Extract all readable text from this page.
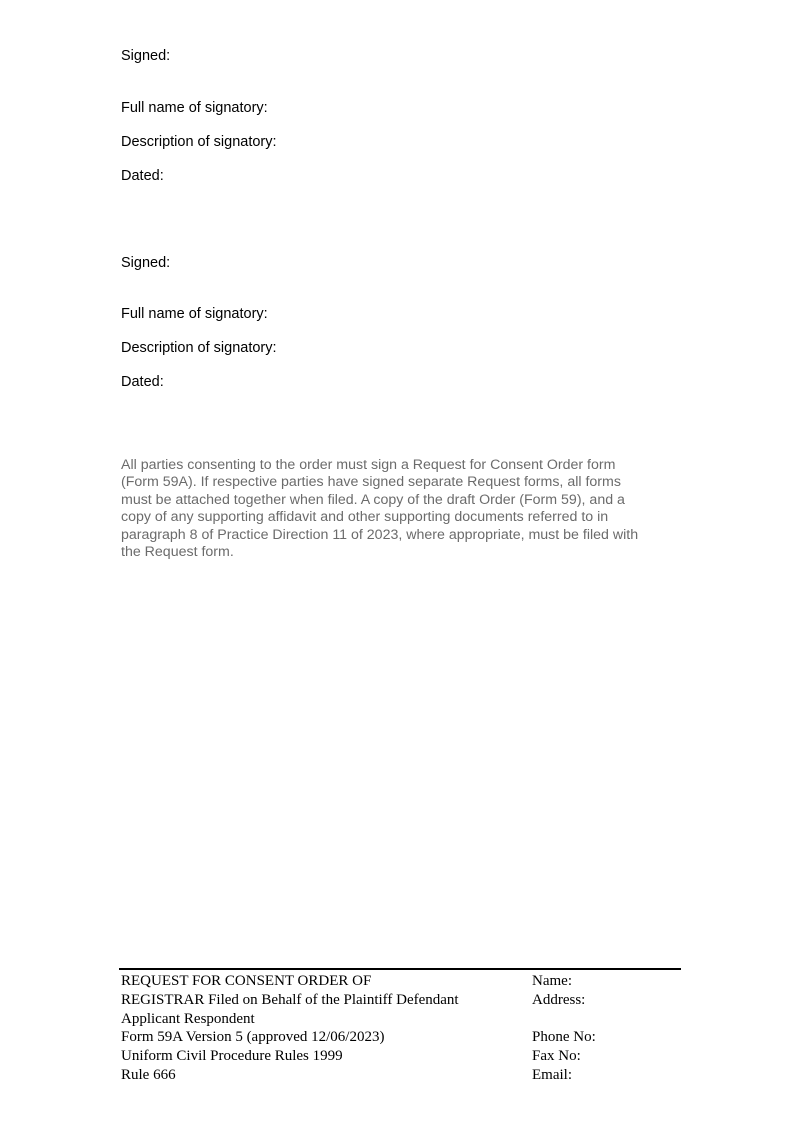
Signed:
Full name of signatory:
Description of signatory:
Dated:
Signed:
Full name of signatory:
Description of signatory:
Dated:
All parties consenting to the order must sign a Request for Consent Order form
(Form 59A). If respective parties have signed separate Request forms, all forms
must be attached together when filed. A copy of the draft Order (Form 59), and a
copy of any supporting affidavit and other supporting documents referred to in
paragraph 8 of Practice Direction 11 of 2023, where appropriate, must be filed with
the Request form.
REQUEST FOR CONSENT ORDER OF
REGISTRAR Filed on Behalf of the Plaintiff Defendant
Applicant Respondent
Form 59A Version 5 (approved 12/06/2023)
Uniform Civil Procedure Rules 1999
Rule 666
Name:
Address:
Phone No:
Fax No:
Email:
